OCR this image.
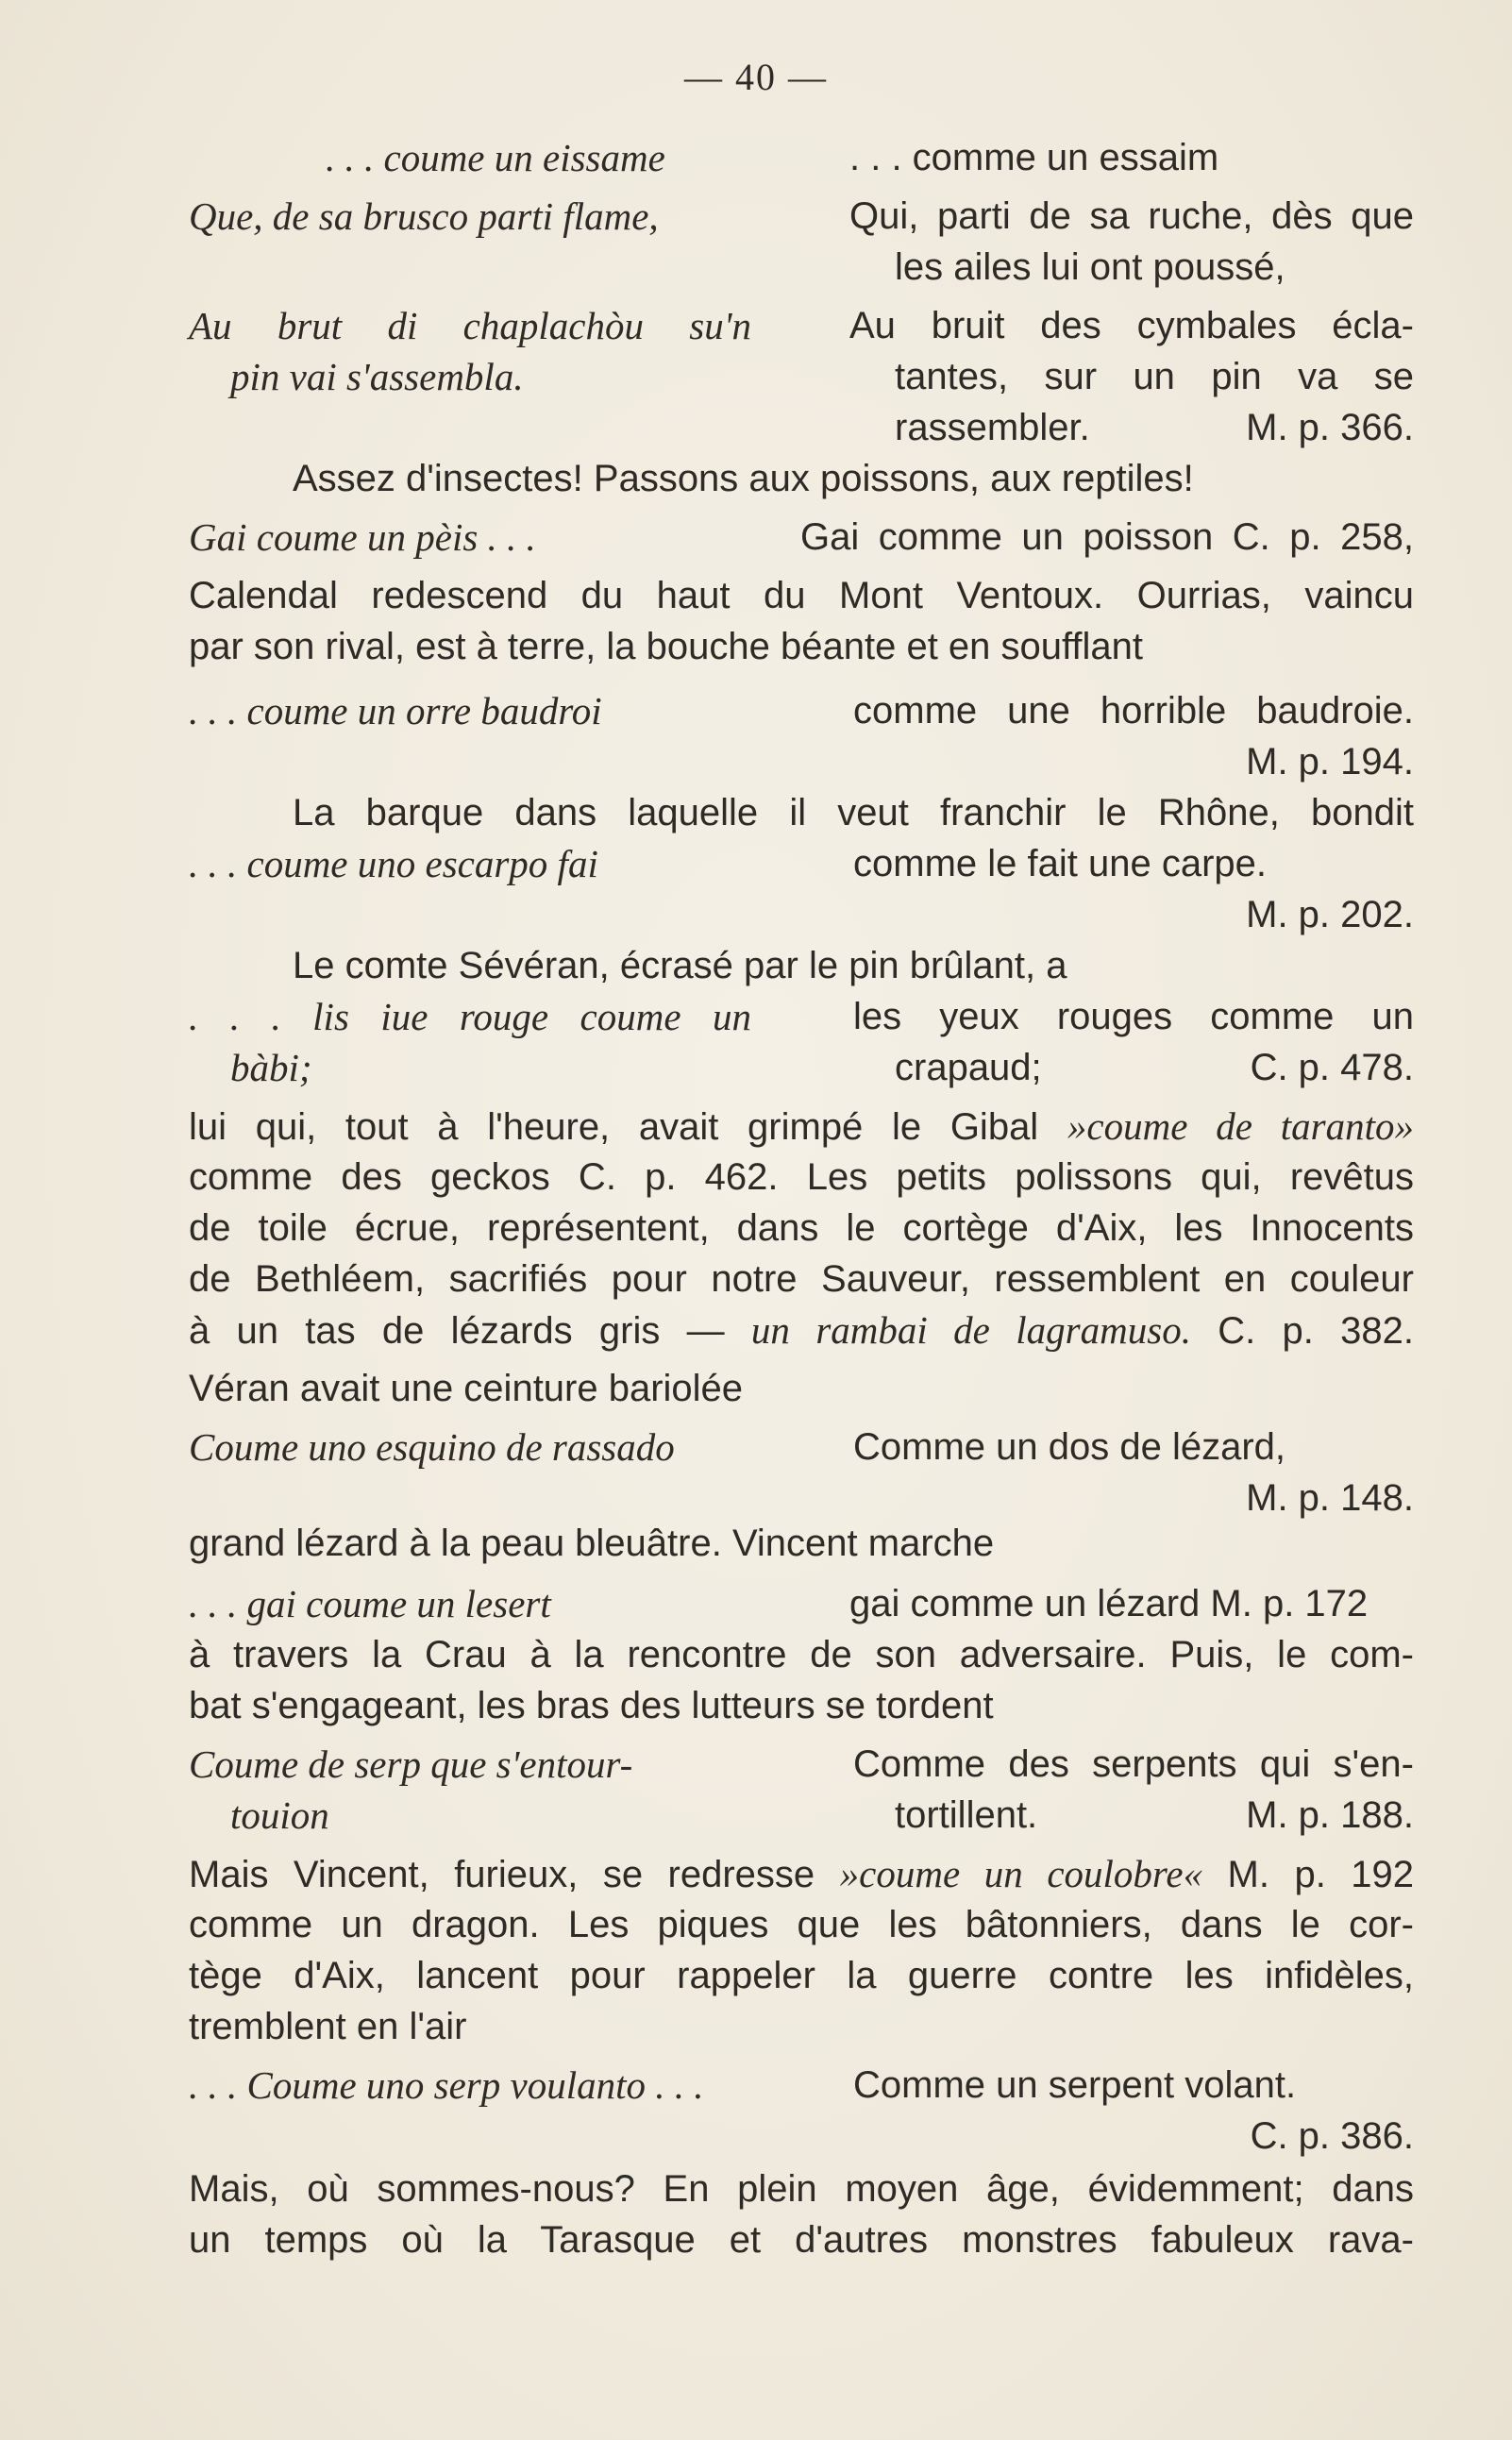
— 40 —
. . . coume un eissame	. . . comme un essaim
Que, de sa brusco parti flame,	Qui, parti de sa ruche, dès que
les ailes lui ont poussé,
Au brut di chaplachòu su'n	Au bruit des cymbales écla-
pin vai s'assembla.	tantes, sur un pin va se
rassembler.	M. p. 366.
Assez d'insectes! Passons aux poissons, aux reptiles!
Gai coume un pèis . . .	Gai comme un poisson C. p. 258,
Calendal redescend du haut du Mont Ventoux. Ourrias, vaincu
par son rival, est à terre, la bouche béante et en soufflant
. . . coume un orre baudroi	comme une horrible baudroie.
M. p. 194.
La barque dans laquelle il veut franchir le Rhône, bondit
. . . coume uno escarpo fai	comme le fait une carpe.
M. p. 202.
Le comte Sévéran, écrasé par le pin brûlant, a
. . . lis iue rouge coume un	les yeux rouges comme un
bàbi;	crapaud;	C. p. 478.
lui qui, tout à l'heure, avait grimpé le Gibal »coume de taranto»
comme des geckos C. p. 462. Les petits polissons qui, revêtus
de toile écrue, représentent, dans le cortège d'Aix, les Innocents
de Bethléem, sacrifiés pour notre Sauveur, ressemblent en couleur
à un tas de lézards gris — un rambai de lagramuso. C. p. 382.
Véran avait une ceinture bariolée
Coume uno esquino de rassado	Comme un dos de lézard,
M. p. 148.
grand lézard à la peau bleuâtre. Vincent marche
. . . gai coume un lesert	gai comme un lézard M. p. 172
à travers la Crau à la rencontre de son adversaire. Puis, le com-
bat s'engageant, les bras des lutteurs se tordent
Coume de serp que s'entour-	Comme des serpents qui s'en-
touion	tortillent.	M. p. 188.
Mais Vincent, furieux, se redresse »coume un coulobre« M. p. 192
comme un dragon. Les piques que les bâtonniers, dans le cor-
tège d'Aix, lancent pour rappeler la guerre contre les infidèles,
tremblent en l'air
. . . Coume uno serp voulanto . . .	Comme un serpent volant.
C. p. 386.
Mais, où sommes-nous? En plein moyen âge, évidemment; dans
un temps où la Tarasque et d'autres monstres fabuleux rava-
